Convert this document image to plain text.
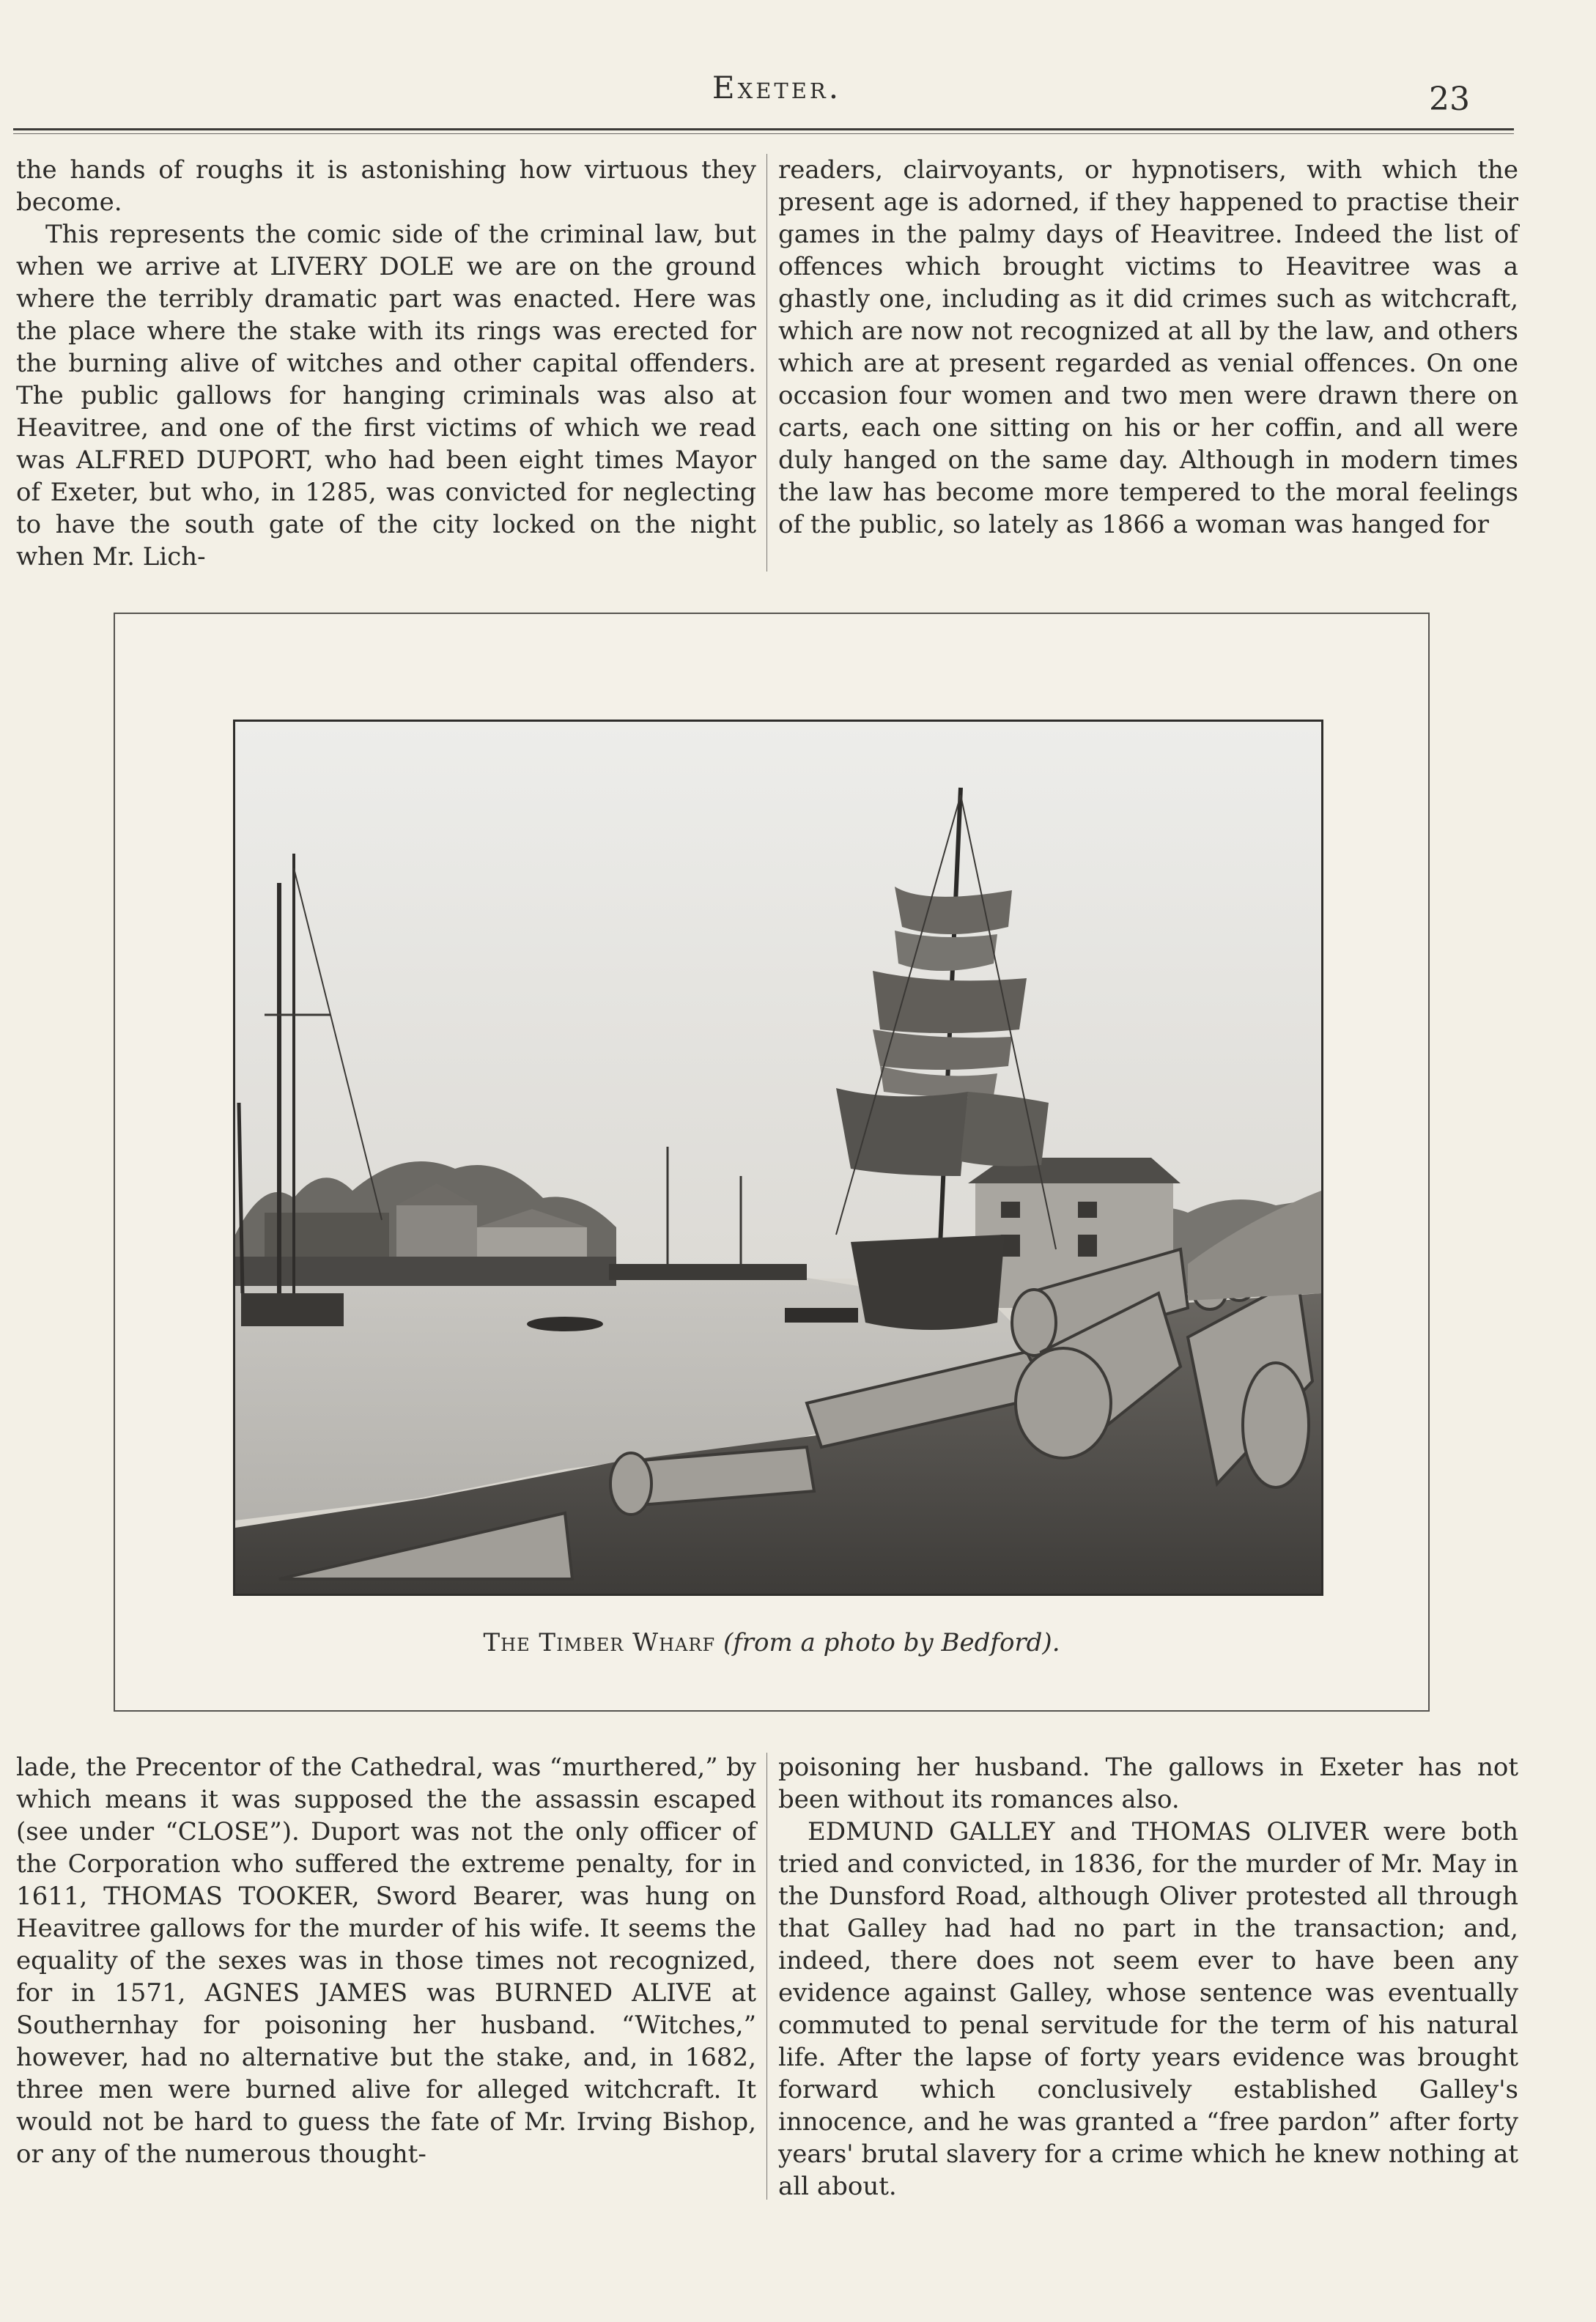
Exeter.	23

the hands of roughs it is astonishing how virtuous they become.

This represents the comic side of the criminal law, but when we arrive at LIVERY DOLE we are on the ground where the terribly dramatic part was enacted. Here was the place where the stake with its rings was erected for the burning alive of witches and other capital offenders. The public gallows for hanging criminals was also at Heavitree, and one of the first victims of which we read was ALFRED DUPORT, who had been eight times Mayor of Exeter, but who, in 1285, was convicted for neglecting to have the south gate of the city locked on the night when Mr. Lich-

readers, clairvoyants, or hypnotisers, with which the present age is adorned, if they happened to practise their games in the palmy days of Heavitree. Indeed the list of offences which brought victims to Heavitree was a ghastly one, including as it did crimes such as witchcraft, which are now not recognized at all by the law, and others which are at present regarded as venial offences. On one occasion four women and two men were drawn there on carts, each one sitting on his or her coffin, and all were duly hanged on the same day. Although in modern times the law has become more tempered to the moral feelings of the public, so lately as 1866 a woman was hanged for

The Timber Wharf (from a photo by Bedford).

lade, the Precentor of the Cathedral, was “murthered,” by which means it was supposed the the assassin escaped (see under “CLOSE”). Duport was not the only officer of the Corporation who suffered the extreme penalty, for in 1611, THOMAS TOOKER, Sword Bearer, was hung on Heavitree gallows for the murder of his wife. It seems the equality of the sexes was in those times not recognized, for in 1571, AGNES JAMES was BURNED ALIVE at Southernhay for poisoning her husband. “Witches,” however, had no alternative but the stake, and, in 1682, three men were burned alive for alleged witchcraft. It would not be hard to guess the fate of Mr. Irving Bishop, or any of the numerous thought-

poisoning her husband. The gallows in Exeter has not been without its romances also.

EDMUND GALLEY and THOMAS OLIVER were both tried and convicted, in 1836, for the murder of Mr. May in the Dunsford Road, although Oliver protested all through that Galley had had no part in the transaction; and, indeed, there does not seem ever to have been any evidence against Galley, whose sentence was eventually commuted to penal servitude for the term of his natural life. After the lapse of forty years evidence was brought forward which conclusively established Galley's innocence, and he was granted a “free pardon” after forty years' brutal slavery for a crime which he knew nothing at all about.
